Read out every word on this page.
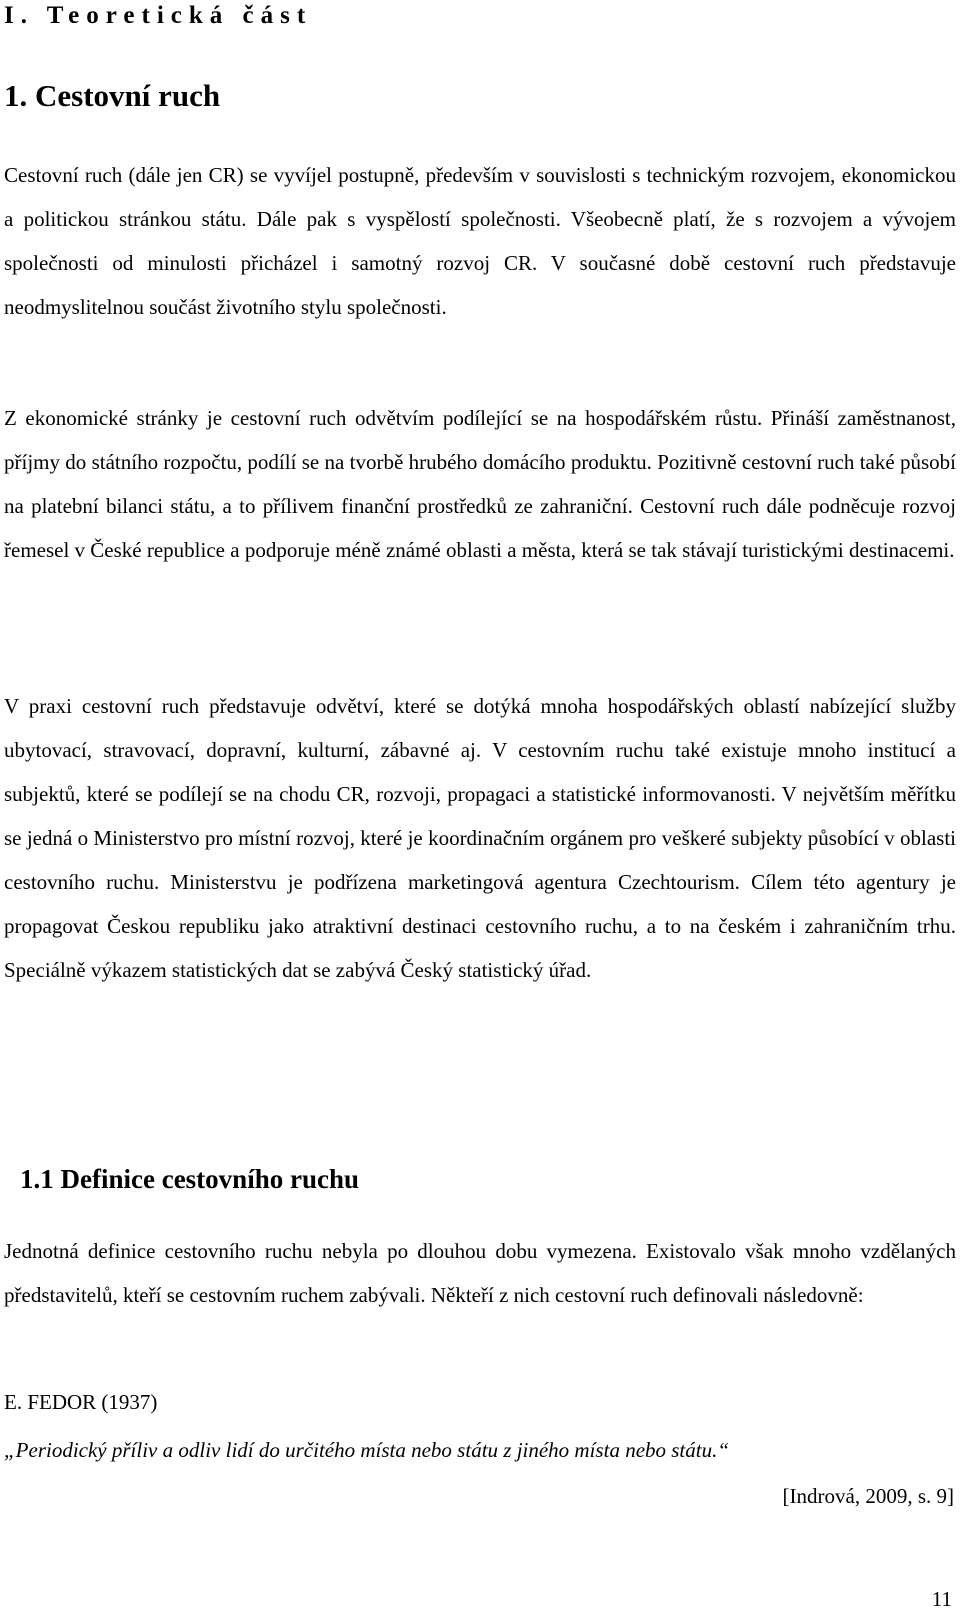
I. Teoretická část
1. Cestovní ruch

Cestovní ruch (dále jen CR) se vyvíjel postupně, především v souvislosti s technickým rozvojem, ekonomickou a politickou stránkou státu. Dále pak s vyspělostí společnosti. Všeobecně platí, že s rozvojem a vývojem společnosti od minulosti přicházel i samotný rozvoj CR. V současné době cestovní ruch představuje neodmyslitelnou součást životního stylu společnosti.

Z ekonomické stránky je cestovní ruch odvětvím podílející se na hospodářském růstu. Přináší zaměstnanost, příjmy do státního rozpočtu, podílí se na tvorbě hrubého domácího produktu. Pozitivně cestovní ruch také působí na platební bilanci státu, a to přílivem finanční prostředků ze zahraniční. Cestovní ruch dále podněcuje rozvoj řemesel v České republice a podporuje méně známé oblasti a města, která se tak stávají turistickými destinacemi.

V praxi cestovní ruch představuje odvětví, které se dotýká mnoha hospodářských oblastí nabízející služby ubytovací, stravovací, dopravní, kulturní, zábavné aj. V cestovním ruchu také existuje mnoho institucí a subjektů, které se podílejí se na chodu CR, rozvoji, propagaci a statistické informovanosti. V největším měřítku se jedná o Ministerstvo pro místní rozvoj, které je koordinačním orgánem pro veškeré subjekty působící v oblasti cestovního ruchu. Ministerstvu je podřízena marketingová agentura Czechtourism. Cílem této agentury je propagovat Českou republiku jako atraktivní destinaci cestovního ruchu, a to na českém i zahraničním trhu. Speciálně výkazem statistických dat se zabývá Český statistický úřad.

1.1 Definice cestovního ruchu

Jednotná definice cestovního ruchu nebyla po dlouhou dobu vymezena. Existovalo však mnoho vzdělaných představitelů, kteří se cestovním ruchem zabývali. Někteří z nich cestovní ruch definovali následovně:

E. FEDOR (1937)
„Periodický příliv a odliv lidí do určitého místa nebo státu z jiného místa nebo státu.“
[Indrová, 2009, s. 9]
11
